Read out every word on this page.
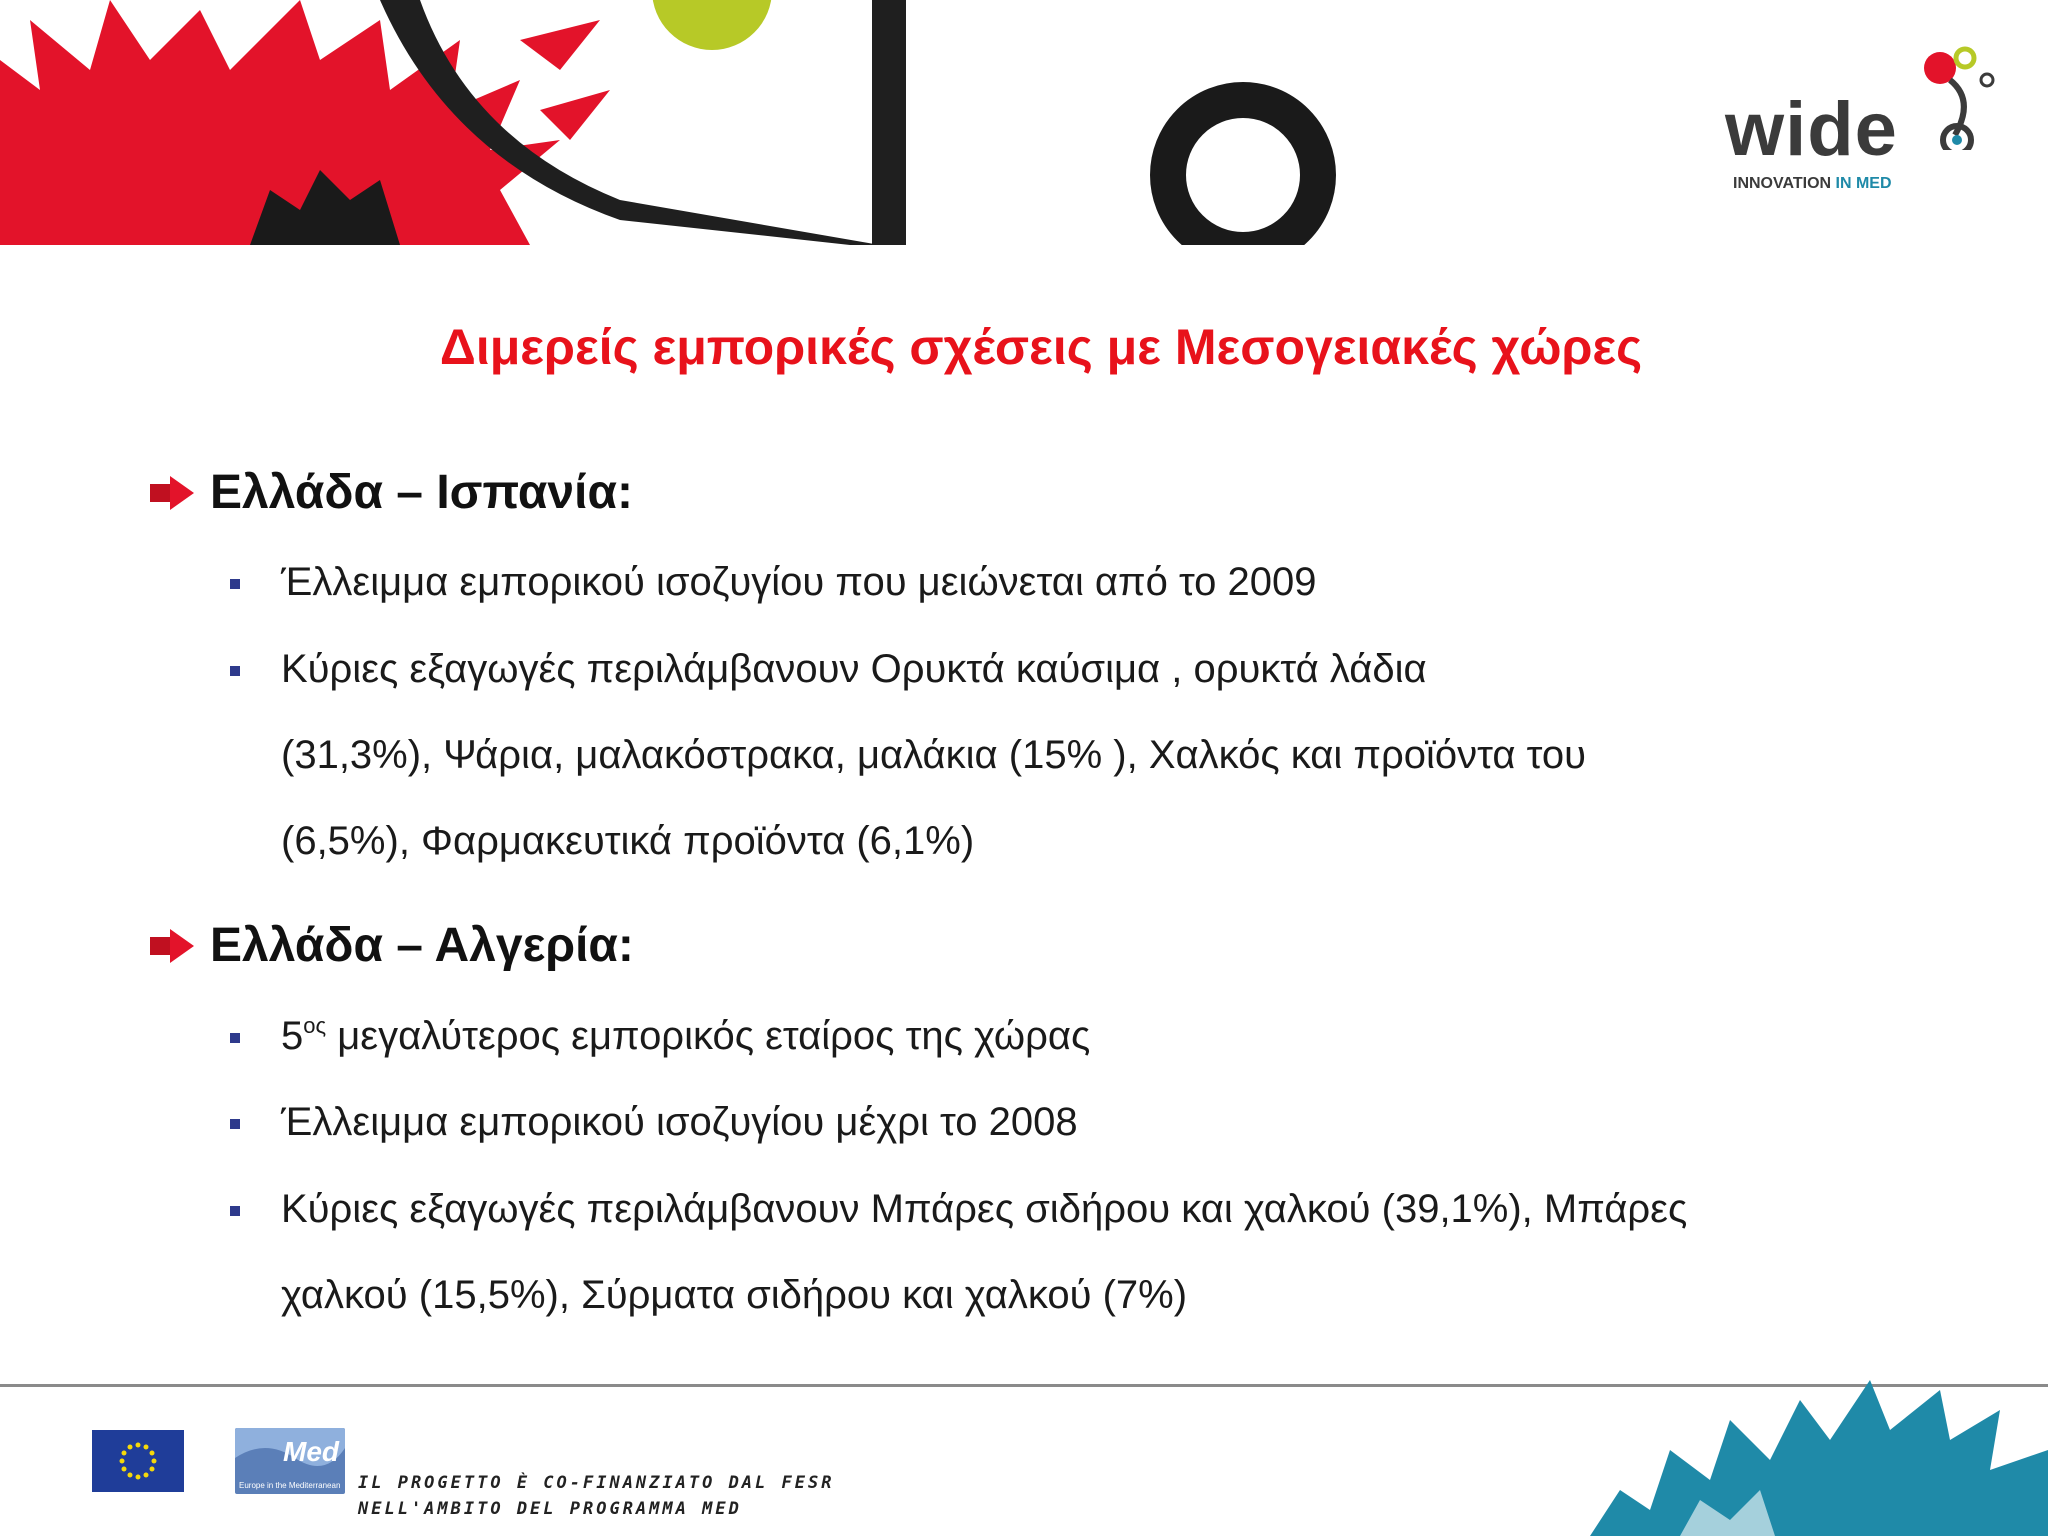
wide
INNOVATION IN MED
Διμερείς εμπορικές σχέσεις με Μεσογειακές χώρες
Ελλάδα – Ισπανία:
Έλλειμμα εμπορικού ισοζυγίου που μειώνεται από το 2009
Κύριες εξαγωγές περιλάμβανουν Ορυκτά καύσιμα , ορυκτά λάδια
(31,3%), Ψάρια, μαλακόστρακα, μαλάκια (15% ), Χαλκός και προϊόντα του
(6,5%), Φαρμακευτικά προϊόντα (6,1%)
Ελλάδα – Αλγερία:
$5^{o\varsigma}$ μεγαλύτερος εμπορικός εταίρος της χώρας
Έλλειμμα εμπορικού ισοζυγίου μέχρι το 2008
Κύριες εξαγωγές περιλάμβανουν Μπάρες σιδήρου και χαλκού (39,1%), Μπάρες
χαλκού (15,5%), Σύρματα σιδήρου και χαλκού (7%)
Med
Europe in the Mediterranean IL PROGETTO È CO-FINANZIATO DAL FESR
NELL'AMBITO DEL PROGRAMMA MED
